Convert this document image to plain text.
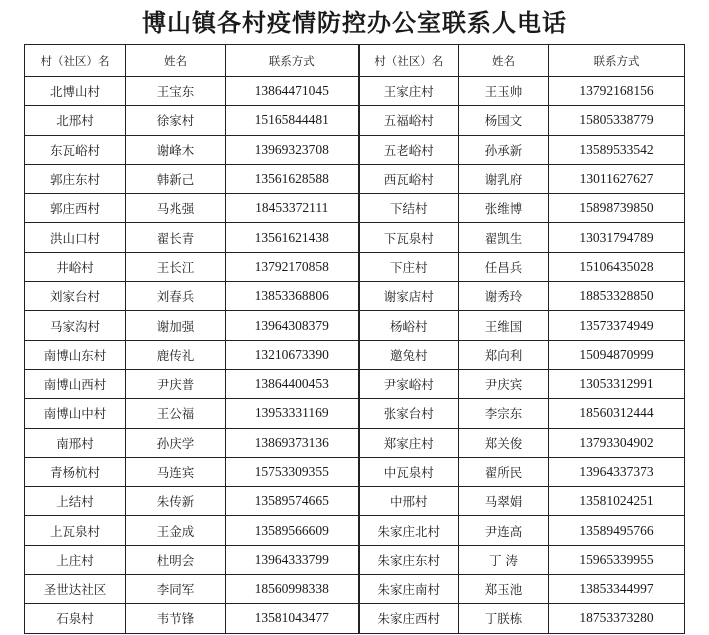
博山镇各村疫情防控办公室联系人电话
村（社区）名	姓名	联系方式	村（社区）名	姓名	联系方式
北博山村	王宝东	13864471045	王家庄村	王玉帅	13792168156
北邢村	徐家村	15165844481	五福峪村	杨国文	15805338779
东瓦峪村	谢峰木	13969323708	五老峪村	孙承新	13589533542
郭庄东村	韩新己	13561628588	西瓦峪村	谢乳府	13011627627
郭庄西村	马兆强	18453372111	下结村	张维博	15898739850
洪山口村	翟长青	13561621438	下瓦泉村	翟凯生	13031794789
井峪村	王长江	13792170858	下庄村	任昌兵	15106435028
刘家台村	刘春兵	13853368806	谢家店村	谢秀玲	18853328850
马家沟村	谢加强	13964308379	杨峪村	王维国	13573374949
南博山东村	鹿传礼	13210673390	邀兔村	郑向利	15094870999
南博山西村	尹庆普	13864400453	尹家峪村	尹庆宾	13053312991
南博山中村	王公福	13953331169	张家台村	李宗东	18560312444
南邢村	孙庆学	13869373136	郑家庄村	郑关俊	13793304902
青杨杭村	马连宾	15753309355	中瓦泉村	翟所民	13964337373
上结村	朱传新	13589574665	中邢村	马翠娟	13581024251
上瓦泉村	王金成	13589566609	朱家庄北村	尹连高	13589495766
上庄村	杜明会	13964333799	朱家庄东村	丁 涛	15965339955
圣世达社区	李同军	18560998338	朱家庄南村	郑玉池	13853344997
石泉村	韦节锋	13581043477	朱家庄西村	丁朕栋	18753373280
